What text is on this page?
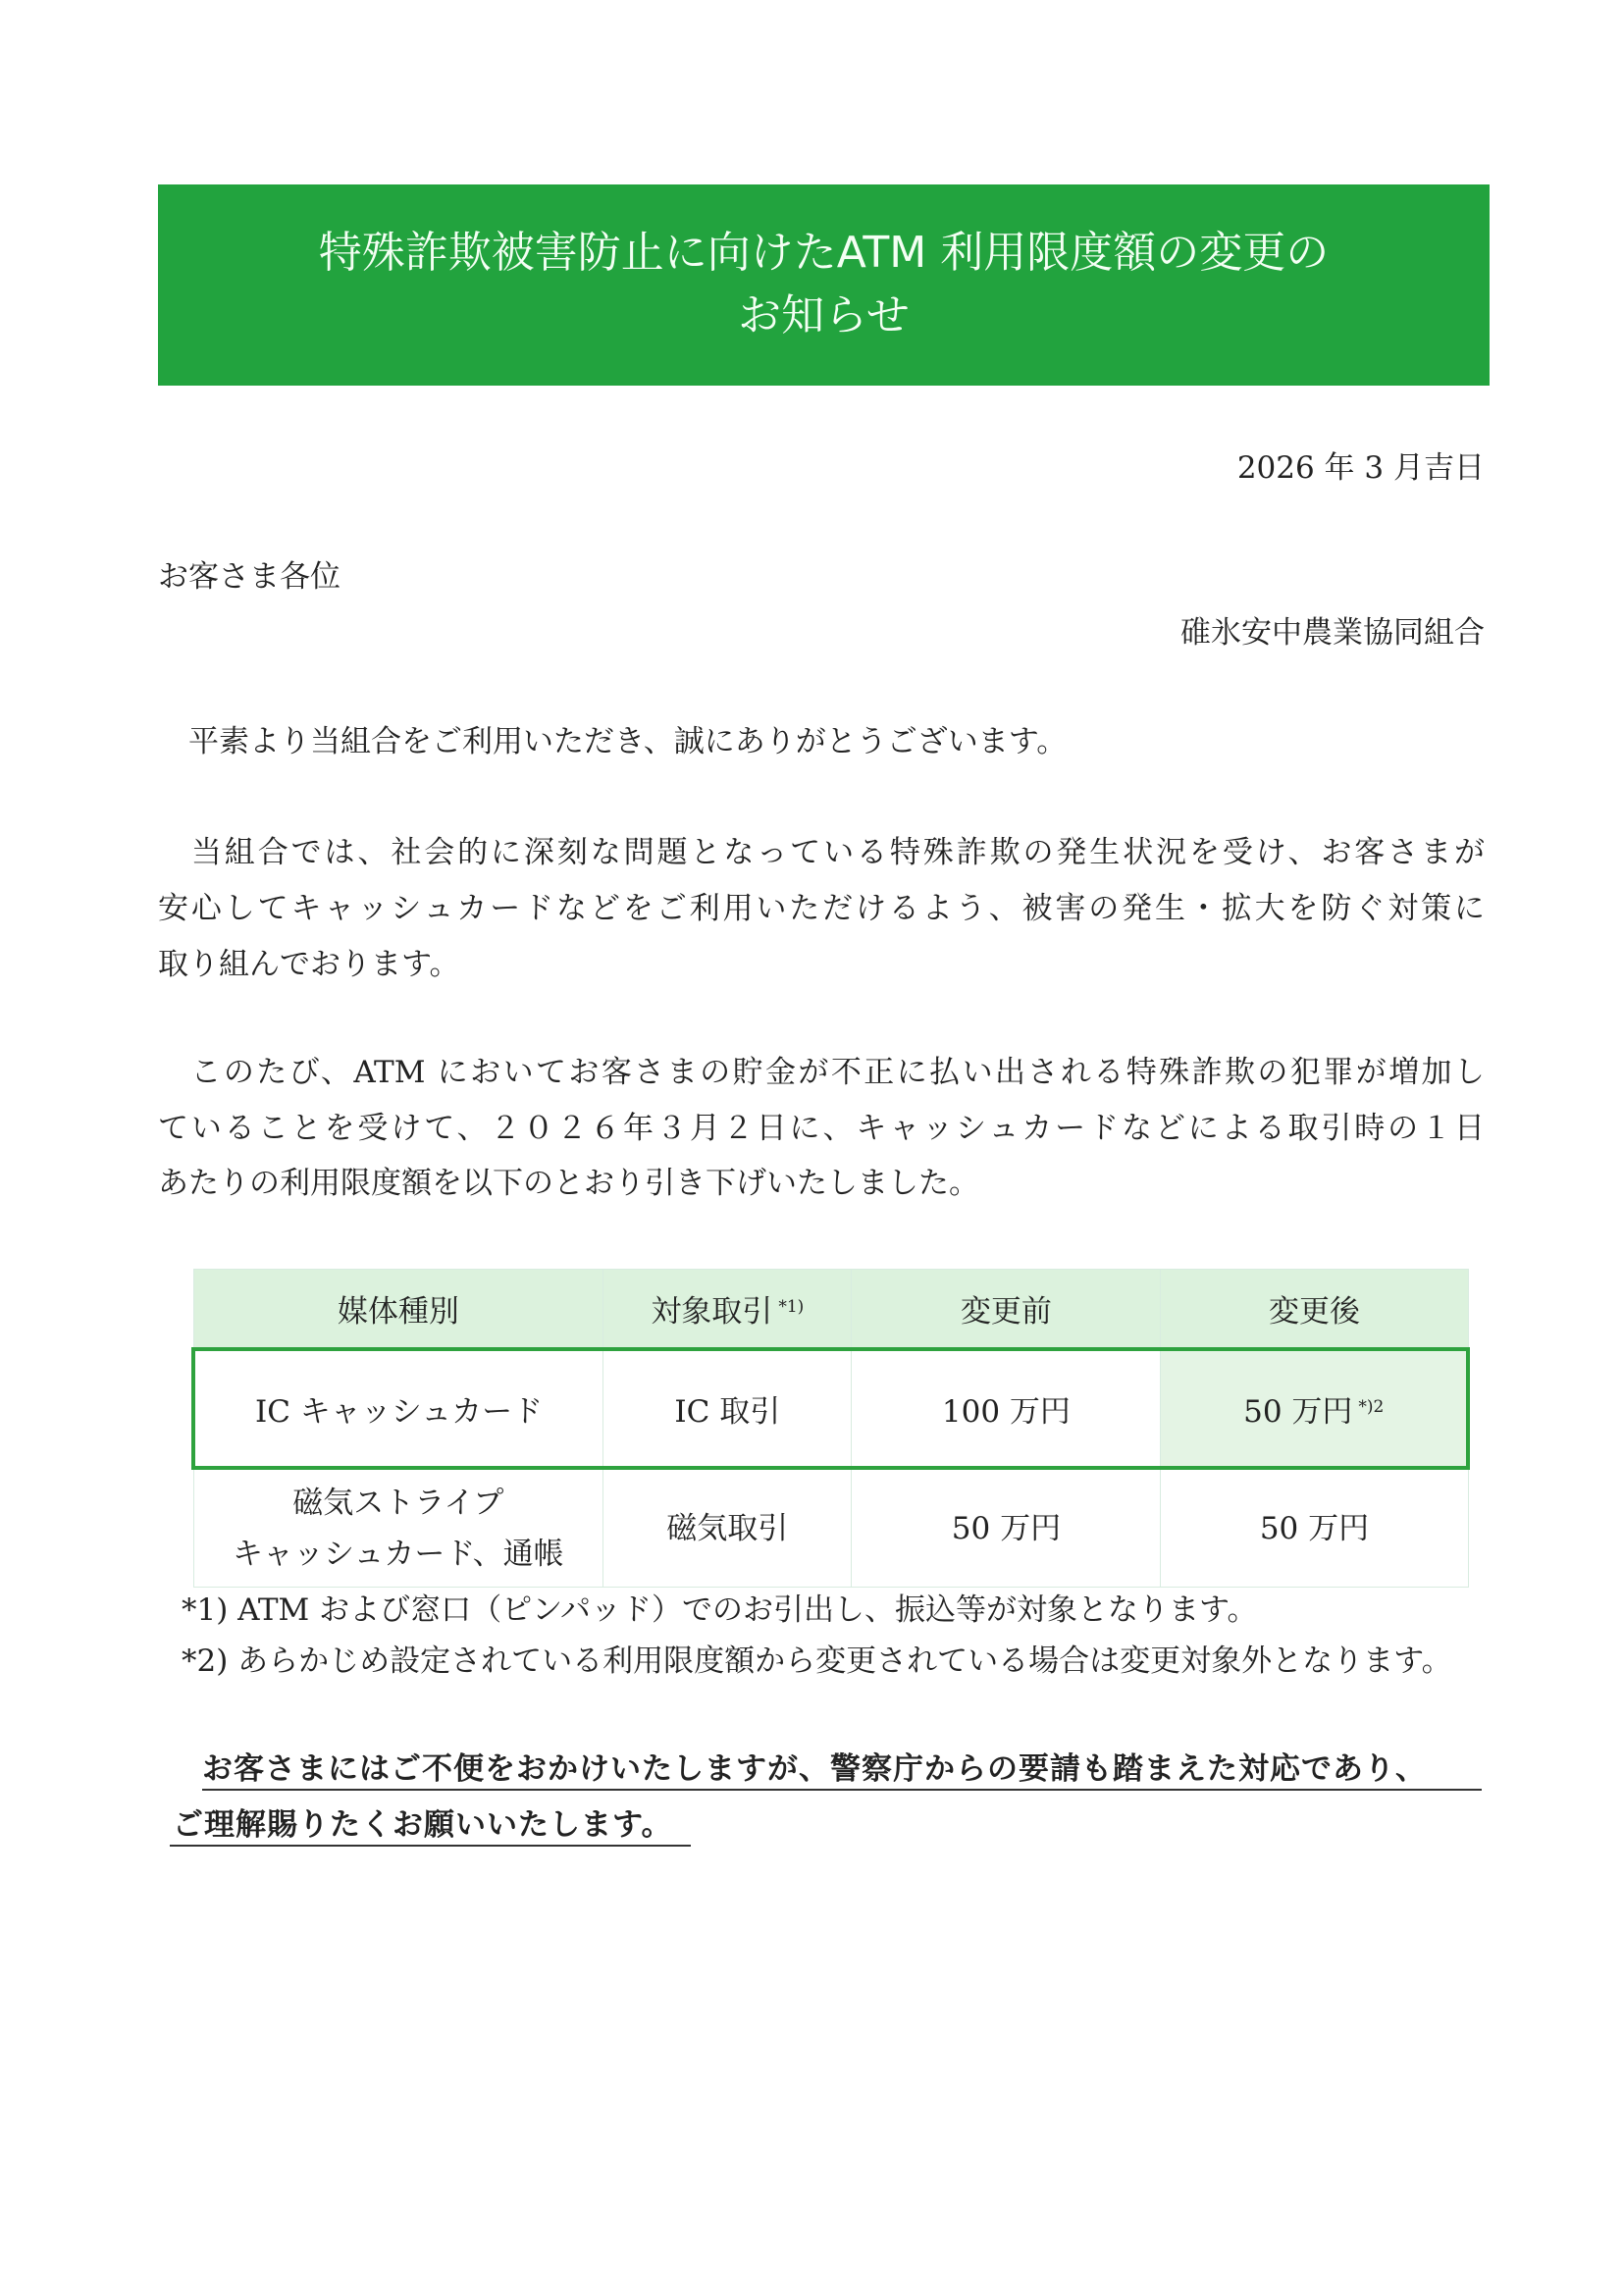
特殊詐欺被害防止に向けたATM 利用限度額の変更の
お知らせ
2026 年 3 月吉日
お客さま各位
碓氷安中農業協同組合
　平素より当組合をご利用いただき、誠にありがとうございます。
　当組合では、社会的に深刻な問題となっている特殊詐欺の発生状況を受け、お客さまが
安心してキャッシュカードなどをご利用いただけるよう、被害の発生・拡大を防ぐ対策に
取り組んでおります。
　このたび、ATM においてお客さまの貯金が不正に払い出される特殊詐欺の犯罪が増加し
ていることを受けて、２０２６年３月２日に、キャッシュカードなどによる取引時の１日
あたりの利用限度額を以下のとおり引き下げいたしました。
媒体種別	対象取引 $^{*1)}$	変更前	変更後
IC キャッシュカード	IC 取引	100 万円	50 万円 $^{*)2}$

磁気ストライプ
キャッシュカード、通帳	磁気取引	50 万円	50 万円
*1) ATM および窓口（ピンパッド）でのお引出し、振込等が対象となります。
*2) あらかじめ設定されている利用限度額から変更されている場合は変更対象外となります。
お客さまにはご不便をおかけいたしますが、警察庁からの要請も踏まえた対応であり、
ご理解賜りたくお願いいたします。
